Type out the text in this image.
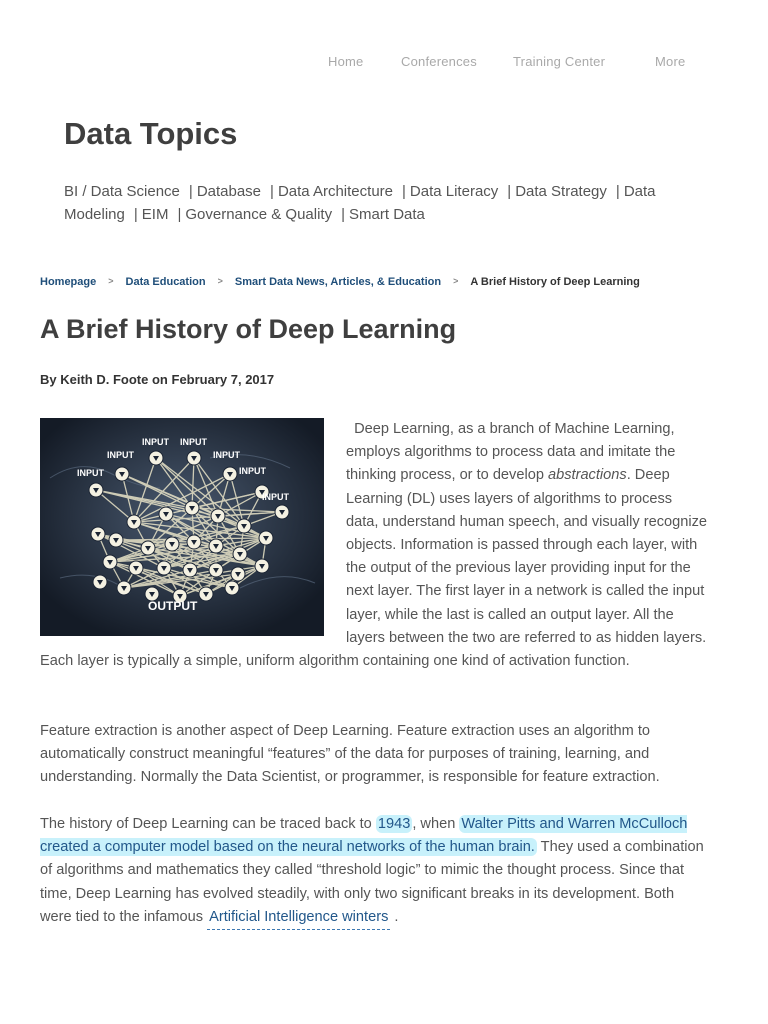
Home	Conferences	Training Center	More
Data Topics
BI / Data Science | Database | Data Architecture | Data Literacy | Data Strategy | Data Modeling | EIM | Governance & Quality | Smart Data
Homepage > Data Education > Smart Data News, Articles, & Education > A Brief History of Deep Learning
A Brief History of Deep Learning
By Keith D. Foote on February 7, 2017
INPUT INPUT
INPUT	INPUT
INPUT	INPUT
INPUT
OUTPUT
Deep Learning, as a branch of Machine Learning, employs algorithms to process data and imitate the thinking process, or to develop abstractions. Deep Learning (DL) uses layers of algorithms to process data, understand human speech, and visually recognize objects. Information is passed through each layer, with the output of the previous layer providing input for the next layer. The first layer in a network is called the input layer, while the last is called an output layer. All the layers between the two are referred to as hidden layers. Each layer is typically a simple, uniform algorithm containing one kind of activation function.
Feature extraction is another aspect of Deep Learning. Feature extraction uses an algorithm to automatically construct meaningful “features” of the data for purposes of training, learning, and understanding. Normally the Data Scientist, or programmer, is responsible for feature extraction.
The history of Deep Learning can be traced back to 1943 , when Walter Pitts and Warren McCulloch created a computer model based on the neural networks of the human brain. They used a combination of algorithms and mathematics they called “threshold logic” to mimic the thought process. Since that time, Deep Learning has evolved steadily, with only two significant breaks in its development. Both were tied to the infamous Artificial Intelligence winters .
